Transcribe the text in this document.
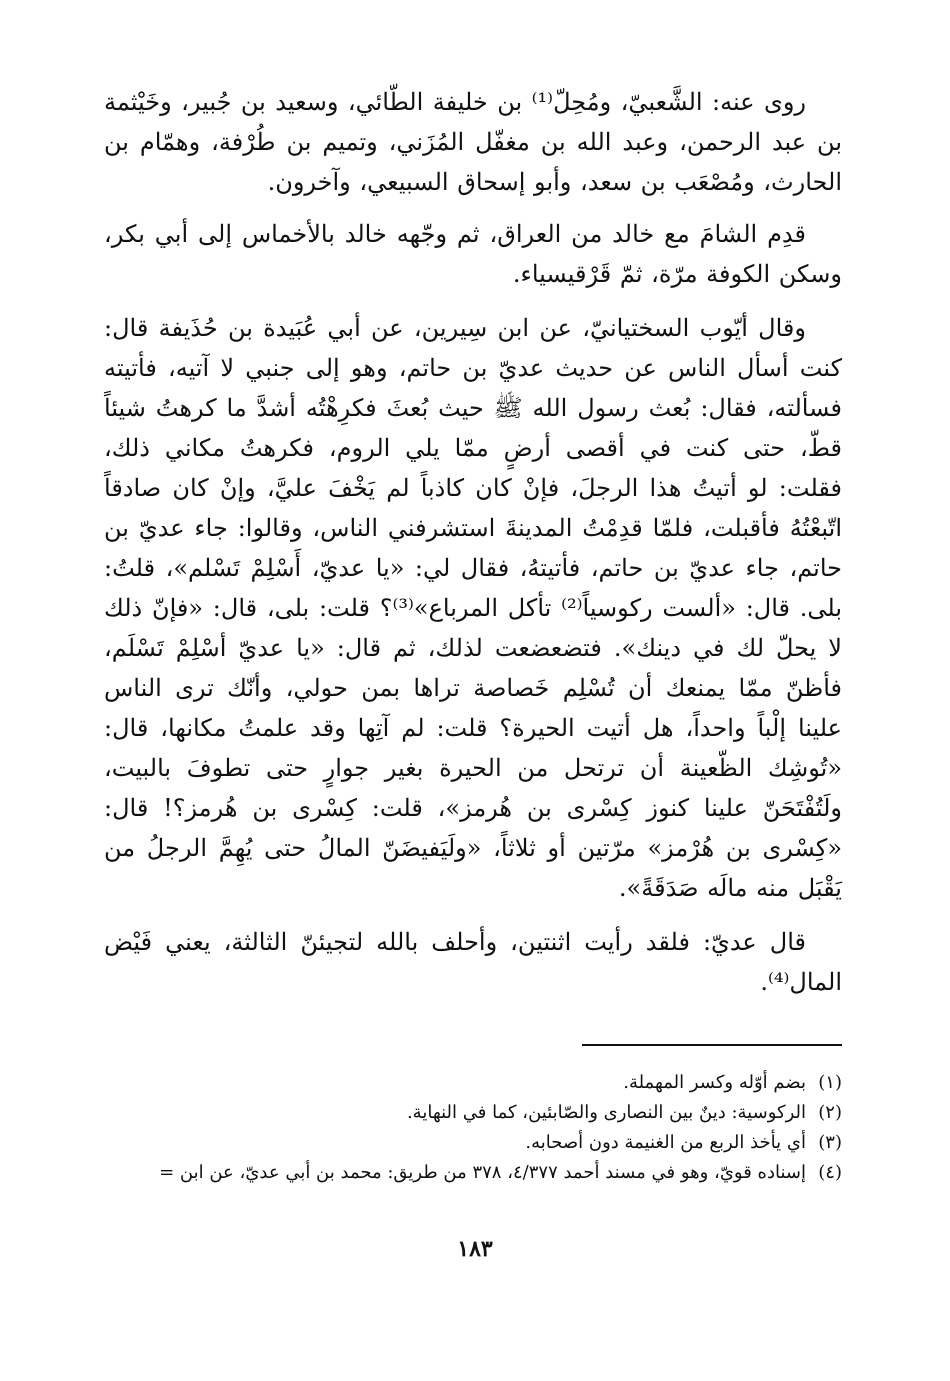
روى عنه: الشَّعبيّ، ومُحِلّ⁽¹⁾ بن خليفة الطّائي، وسعيد بن جُبير، وخَيْثمة بن عبد الرحمن، وعبد الله بن مغفّل المُزَني، وتميم بن طُرْفة، وهمّام بن الحارث، ومُصْعَب بن سعد، وأبو إسحاق السبيعي، وآخرون.

قدِم الشامَ مع خالد من العراق، ثم وجّهه خالد بالأخماس إلى أبي بكر، وسكن الكوفة مرّة، ثمّ قَرْقيسياء.

وقال أيّوب السختيانيّ، عن ابن سِيرين، عن أبي عُبَيدة بن حُذَيفة قال: كنت أسأل الناس عن حديث عديّ بن حاتم، وهو إلى جنبي لا آتيه، فأتيته فسألته، فقال: بُعث رسول الله ﷺ حيث بُعثَ فكرِهْتُه أشدَّ ما كرهتُ شيئاً قطّ، حتى كنت في أقصى أرضٍ ممّا يلي الروم، فكرهتُ مكاني ذلك، فقلت: لو أتيتُ هذا الرجلَ، فإنْ كان كاذباً لم يَخْفَ عليَّ، وإنْ كان صادقاً اتّبعْتُهُ فأقبلت، فلمّا قدِمْتُ المدينةَ استشرفني الناس، وقالوا: جاء عديّ بن حاتم، جاء عديّ بن حاتم، فأتيتهُ، فقال لي: «يا عديّ، أَسْلِمْ تَسْلم»، قلتُ: بلى. قال: «ألست ركوسياً⁽²⁾ تأكل المرباع»⁽³⁾؟ قلت: بلى، قال: «فإنّ ذلك لا يحلّ لك في دينك». فتضعضعت لذلك، ثم قال: «يا عديّ أسْلِمْ تَسْلَم، فأظنّ ممّا يمنعك أن تُسْلِم خَصاصة تراها بمن حولي، وأنّك ترى الناس علينا إلْباً واحداً، هل أتيت الحيرة؟ قلت: لم آتِها وقد علمتُ مكانها، قال: «تُوشِك الظّعينة أن ترتحل من الحيرة بغير جوارٍ حتى تطوفَ بالبيت، ولَتُفْتَحَنّ علينا كنوز كِسْرى بن هُرمز»، قلت: كِسْرى بن هُرمز؟! قال: «كِسْرى بن هُرْمز» مرّتين أو ثلاثاً، «ولَيَفيضَنّ المالُ حتى يُهِمَّ الرجلُ من يَقْبَل منه مالَه صَدَقَةً».

قال عديّ: فلقد رأيت اثنتين، وأحلف بالله لتجيئنّ الثالثة، يعني فَيْض المال⁽⁴⁾.

(١)
بضم أوّله وكسر المهملة.
(٢)
الركوسية: دينٌ بين النصارى والصّابئين، كما في النهاية.
(٣)
أي يأخذ الربع من الغنيمة دون أصحابه.
(٤)
إسناده قويّ، وهو في مسند أحمد ٤/٣٧٧، ٣٧٨ من طريق: محمد بن أبي عديّ، عن ابن =
١٨٣
